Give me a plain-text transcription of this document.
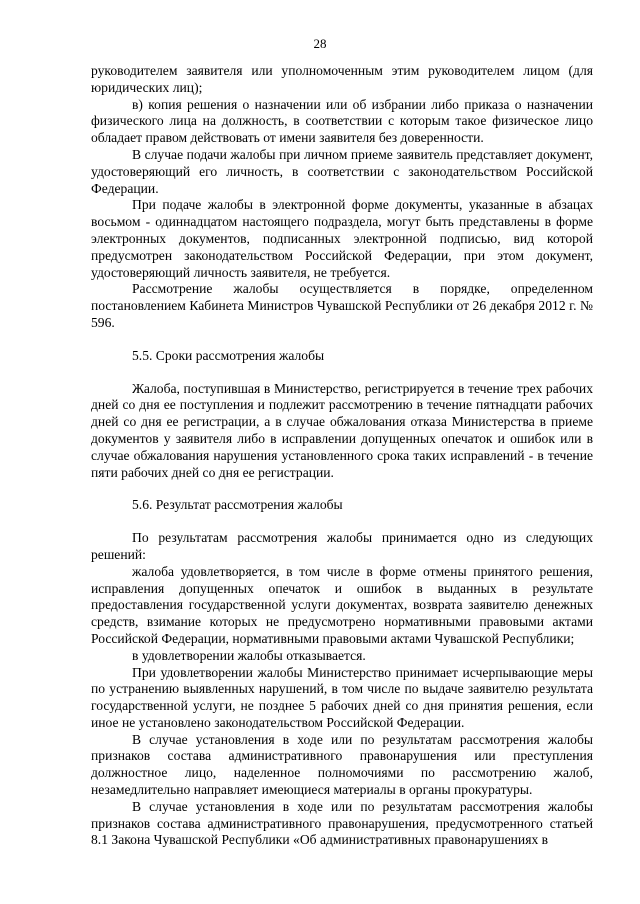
28

руководителем заявителя или уполномоченным этим руководителем лицом (для юридических лиц);

в) копия решения о назначении или об избрании либо приказа о назначении физического лица на должность, в соответствии с которым такое физическое лицо обладает правом действовать от имени заявителя без доверенности.

В случае подачи жалобы при личном приеме заявитель представляет документ, удостоверяющий его личность, в соответствии с законодательством Российской Федерации.

При подаче жалобы в электронной форме документы, указанные в абзацах восьмом - одиннадцатом настоящего подраздела, могут быть представлены в форме электронных документов, подписанных электронной подписью, вид которой предусмотрен законодательством Российской Федерации, при этом документ, удостоверяющий личность заявителя, не требуется.

Рассмотрение жалобы осуществляется в порядке, определенном постановлением Кабинета Министров Чувашской Республики от 26 декабря 2012 г. № 596.

5.5. Сроки рассмотрения жалобы

Жалоба, поступившая в Министерство, регистрируется в течение трех рабочих дней со дня ее поступления и подлежит рассмотрению в течение пятнадцати рабочих дней со дня ее регистрации, а в случае обжалования отказа Министерства в приеме документов у заявителя либо в исправлении допущенных опечаток и ошибок или в случае обжалования нарушения установленного срока таких исправлений - в течение пяти рабочих дней со дня ее регистрации.

5.6. Результат рассмотрения жалобы

По результатам рассмотрения жалобы принимается одно из следующих решений:

жалоба удовлетворяется, в том числе в форме отмены принятого решения, исправления допущенных опечаток и ошибок в выданных в результате предоставления государственной услуги документах, возврата заявителю денежных средств, взимание которых не предусмотрено нормативными правовыми актами Российской Федерации, нормативными правовыми актами Чувашской Республики;

в удовлетворении жалобы отказывается.

При удовлетворении жалобы Министерство принимает исчерпывающие меры по устранению выявленных нарушений, в том числе по выдаче заявителю результата государственной услуги, не позднее 5 рабочих дней со дня принятия решения, если иное не установлено законодательством Российской Федерации.

В случае установления в ходе или по результатам рассмотрения жалобы признаков состава административного правонарушения или преступления должностное лицо, наделенное полномочиями по рассмотрению жалоб, незамедлительно направляет имеющиеся материалы в органы прокуратуры.

В случае установления в ходе или по результатам рассмотрения жалобы признаков состава административного правонарушения, предусмотренного статьей 8.1 Закона Чувашской Республики «Об административных правонарушениях в
